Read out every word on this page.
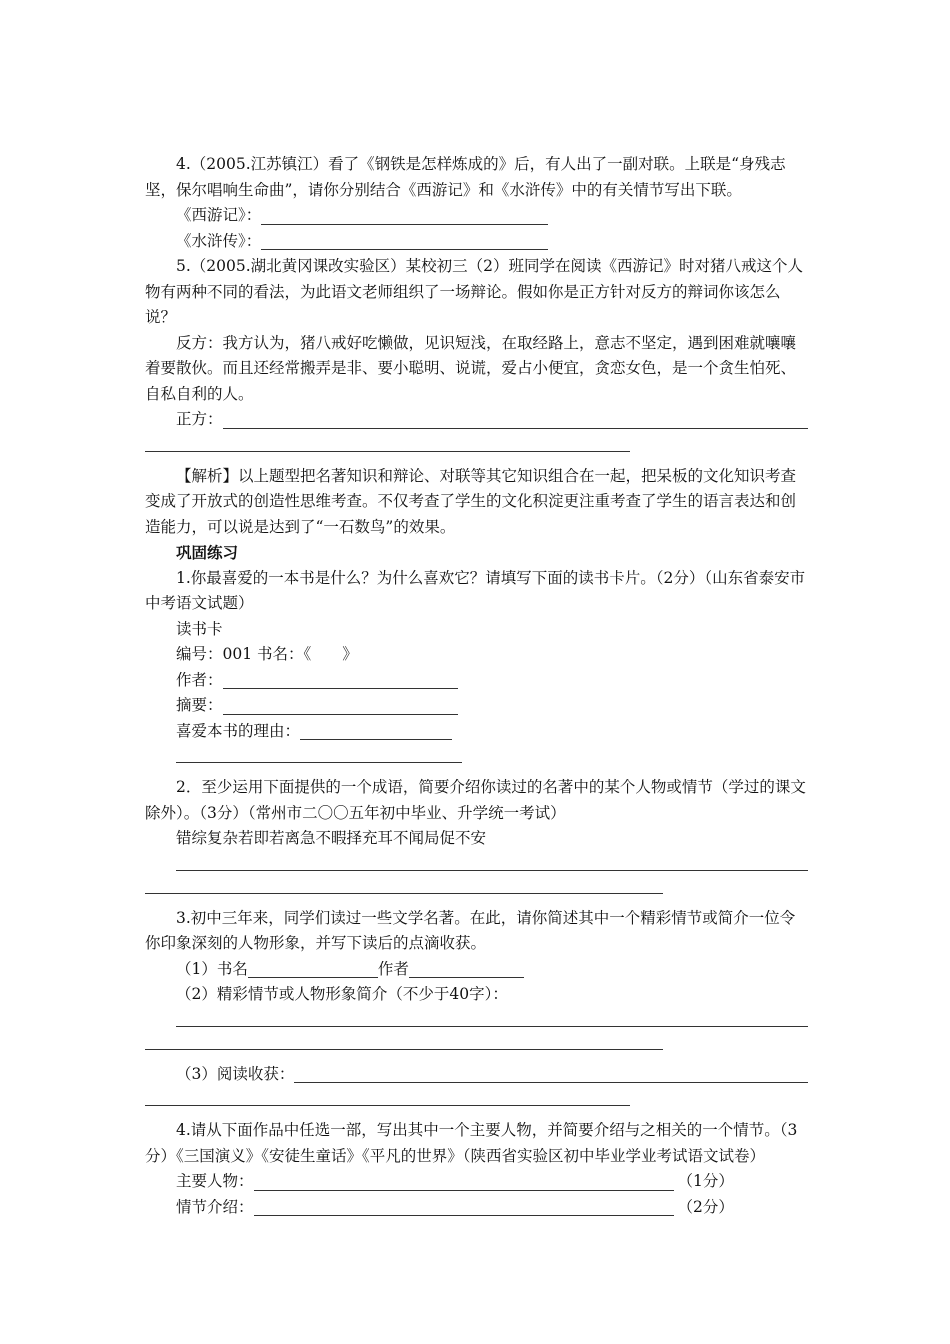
4.（2005.江苏镇江）看了《钢铁是怎样炼成的》后，有人出了一副对联。上联是“身残志坚，保尔唱响生命曲”，请你分别结合《西游记》和《水浒传》中的有关情节写出下联。

《西游记》：
《水浒传》：

5.（2005.湖北黄冈课改实验区）某校初三（2）班同学在阅读《西游记》时对猪八戒这个人物有两种不同的看法，为此语文老师组织了一场辩论。假如你是正方针对反方的辩词你该怎么说？

反方：我方认为，猪八戒好吃懒做，见识短浅，在取经路上，意志不坚定，遇到困难就嚷嚷着要散伙。而且还经常搬弄是非、要小聪明、说谎，爱占小便宜，贪恋女色，是一个贪生怕死、自私自利的人。

正方：

【解析】以上题型把名著知识和辩论、对联等其它知识组合在一起，把呆板的文化知识考查变成了开放式的创造性思维考查。不仅考查了学生的文化积淀更注重考查了学生的语言表达和创造能力，可以说是达到了“一石数鸟”的效果。

巩固练习

1.你最喜爱的一本书是什么？为什么喜欢它？请填写下面的读书卡片。（2分）（山东省泰安市中考语文试题）

读书卡

编号：001 书名：《　　》

作者：
摘要：
喜爱本书的理由：

2．至少运用下面提供的一个成语，简要介绍你读过的名著中的某个人物或情节（学过的课文除外）。（3分）（常州市二〇〇五年初中毕业、升学统一考试）

错综复杂若即若离急不暇择充耳不闻局促不安

3.初中三年来，同学们读过一些文学名著。在此，请你简述其中一个精彩情节或简介一位令你印象深刻的人物形象，并写下读后的点滴收获。

（1）书名	作者

（2）精彩情节或人物形象简介（不少于40字）：

（3）阅读收获：

4.请从下面作品中任选一部，写出其中一个主要人物，并简要介绍与之相关的一个情节。（3分）《三国演义》《安徒生童话》《平凡的世界》（陕西省实验区初中毕业学业考试语文试卷）

主要人物：	（1分）
情节介绍：	（2分）
